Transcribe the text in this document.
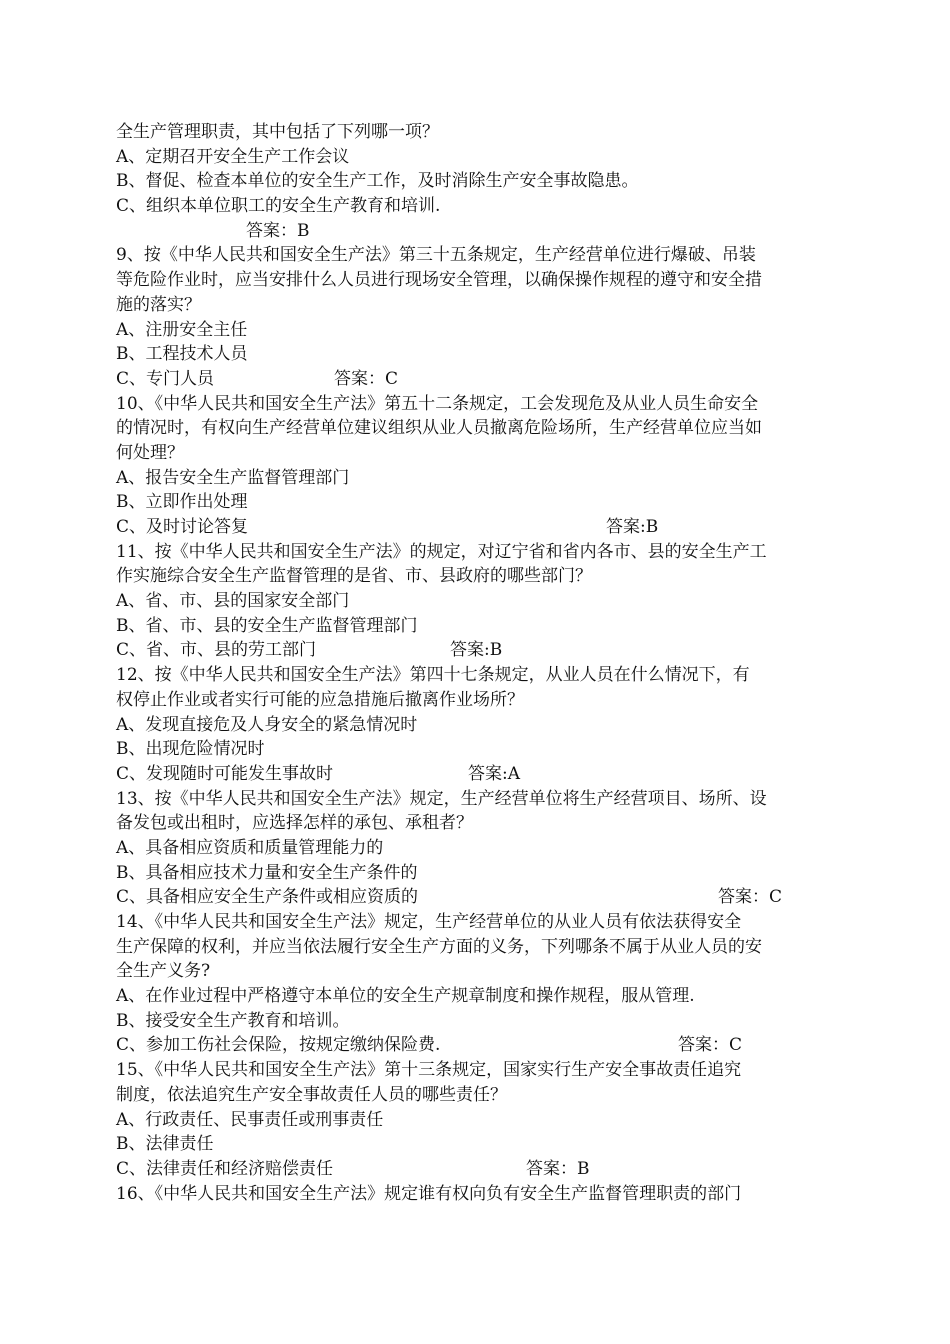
全生产管理职责，其中包括了下列哪一项？
A、定期召开安全生产工作会议
B、督促、检查本单位的安全生产工作，及时消除生产安全事故隐患。
C、组织本单位职工的安全生产教育和培训.
答案：B
9、按《中华人民共和国安全生产法》第三十五条规定，生产经营单位进行爆破、吊装
等危险作业时，应当安排什么人员进行现场安全管理，以确保操作规程的遵守和安全措
施的落实？
A、注册安全主任
B、工程技术人员
C、专门人员	答案：C
10、《中华人民共和国安全生产法》第五十二条规定，工会发现危及从业人员生命安全
的情况时，有权向生产经营单位建议组织从业人员撤离危险场所，生产经营单位应当如
何处理？
A、报告安全生产监督管理部门
B、立即作出处理
C、及时讨论答复	答案:B
11、按《中华人民共和国安全生产法》的规定，对辽宁省和省内各市、县的安全生产工
作实施综合安全生产监督管理的是省、市、县政府的哪些部门？
A、省、市、县的国家安全部门
B、省、市、县的安全生产监督管理部门
C、省、市、县的劳工部门	答案:B
12、按《中华人民共和国安全生产法》第四十七条规定，从业人员在什么情况下，有
权停止作业或者实行可能的应急措施后撤离作业场所？
A、发现直接危及人身安全的紧急情况时
B、出现危险情况时
C、发现随时可能发生事故时	答案:A
13、按《中华人民共和国安全生产法》规定，生产经营单位将生产经营项目、场所、设
备发包或出租时，应选择怎样的承包、承租者？
A、具备相应资质和质量管理能力的
B、具备相应技术力量和安全生产条件的
C、具备相应安全生产条件或相应资质的	答案：C
14、《中华人民共和国安全生产法》规定，生产经营单位的从业人员有依法获得安全
生产保障的权利，并应当依法履行安全生产方面的义务，下列哪条不属于从业人员的安
全生产义务?
A、在作业过程中严格遵守本单位的安全生产规章制度和操作规程，服从管理.
B、接受安全生产教育和培训。
C、参加工伤社会保险，按规定缴纳保险费.	答案：C
15、《中华人民共和国安全生产法》第十三条规定，国家实行生产安全事故责任追究
制度，依法追究生产安全事故责任人员的哪些责任？
A、行政责任、民事责任或刑事责任
B、法律责任
C、法律责任和经济赔偿责任	答案：B
16、《中华人民共和国安全生产法》规定谁有权向负有安全生产监督管理职责的部门
